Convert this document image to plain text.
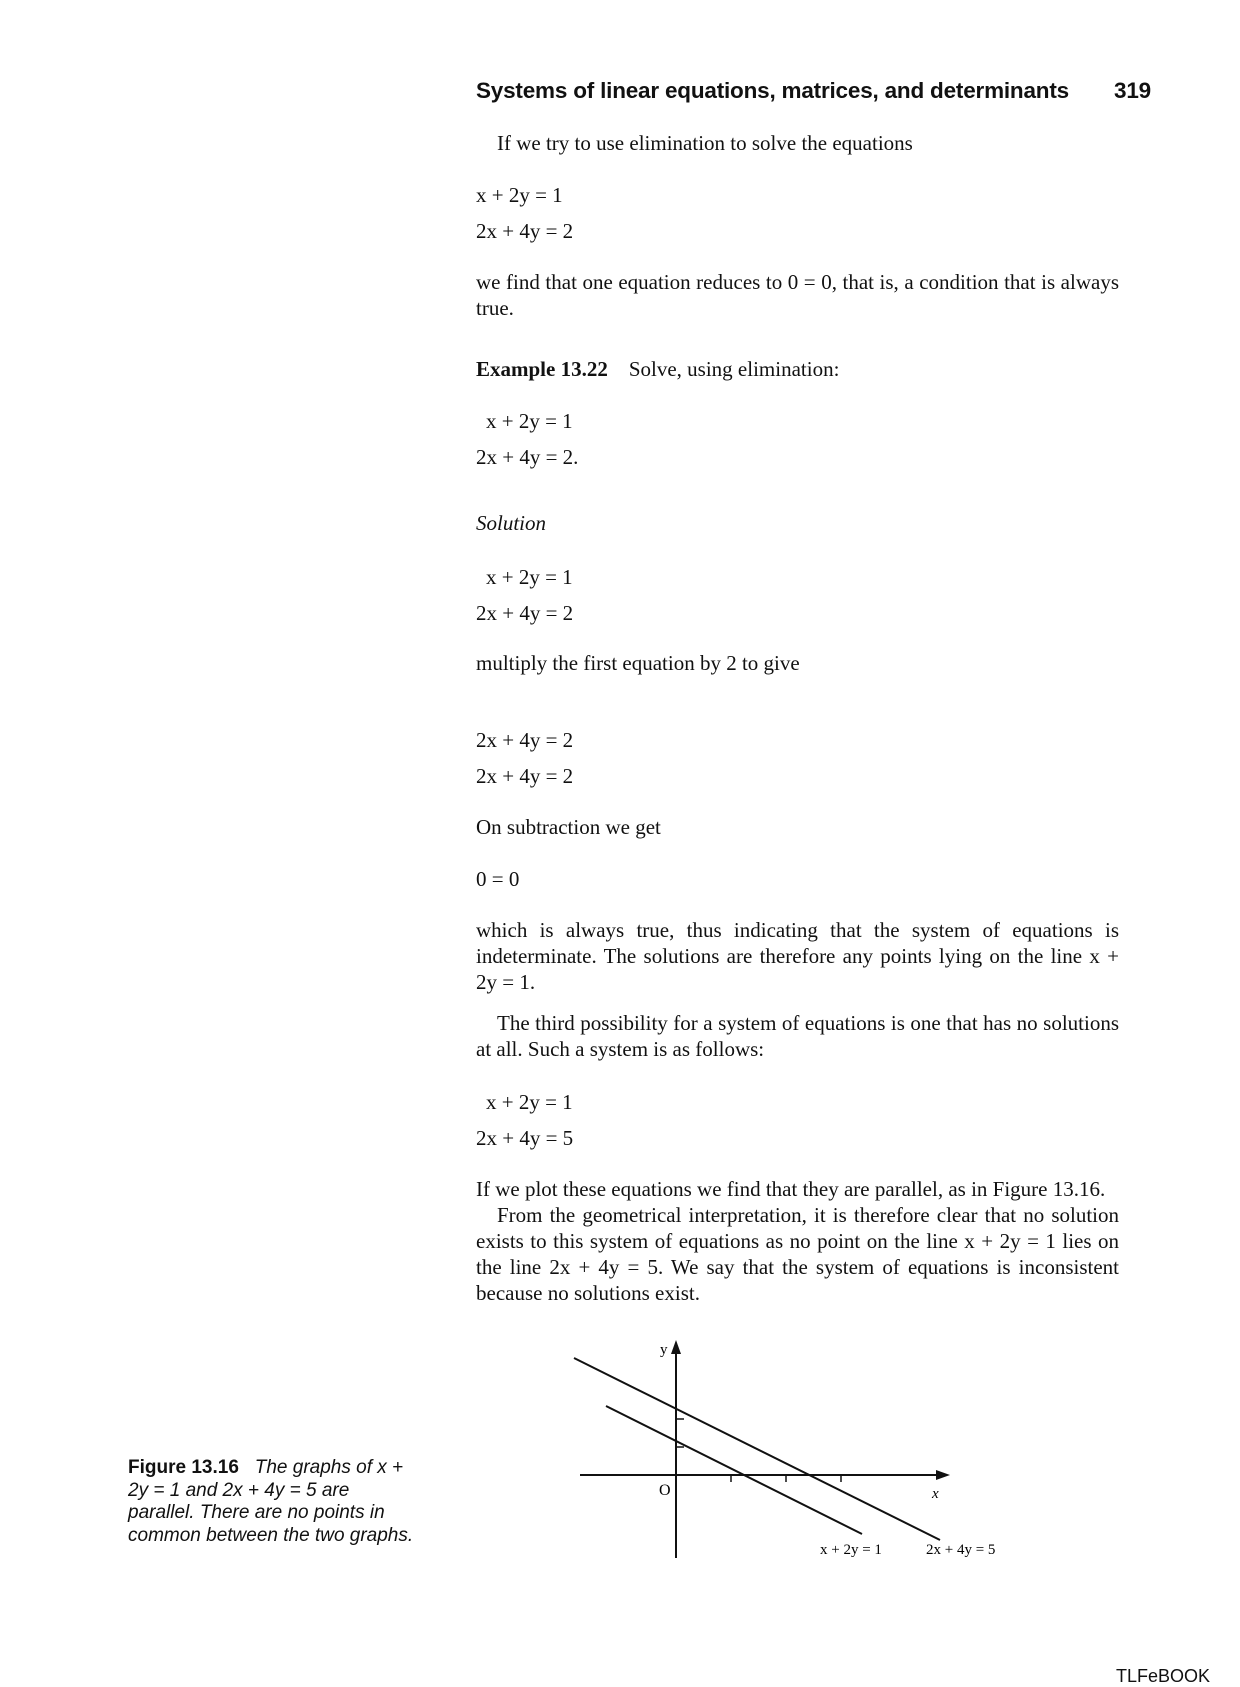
Systems of linear equations, matrices, and determinants 319
If we try to use elimination to solve the equations
x + 2y = 1
2x + 4y = 2
we find that one equation reduces to 0 = 0, that is, a condition that is always true.
Example 13.22 Solve, using elimination:
x + 2y = 1
2x + 4y = 2.
Solution
x + 2y = 1
2x + 4y = 2
multiply the first equation by 2 to give
2x + 4y = 2
2x + 4y = 2
On subtraction we get
0 = 0
which is always true, thus indicating that the system of equations is indeterminate. The solutions are therefore any points lying on the line x + 2y = 1.
The third possibility for a system of equations is one that has no solutions at all. Such a system is as follows:
x + 2y = 1
2x + 4y = 5
If we plot these equations we find that they are parallel, as in Figure 13.16.
From the geometrical interpretation, it is therefore clear that no solution exists to this system of equations as no point on the line x + 2y = 1 lies on the line 2x + 4y = 5. We say that the system of equations is inconsistent because no solutions exist.
y
x
O
x + 2y = 1	2x + 4y = 5
Figure 13.16 The graphs of x + 2y = 1 and 2x + 4y = 5 are parallel. There are no points in common between the two graphs.
TLFeBOOK
